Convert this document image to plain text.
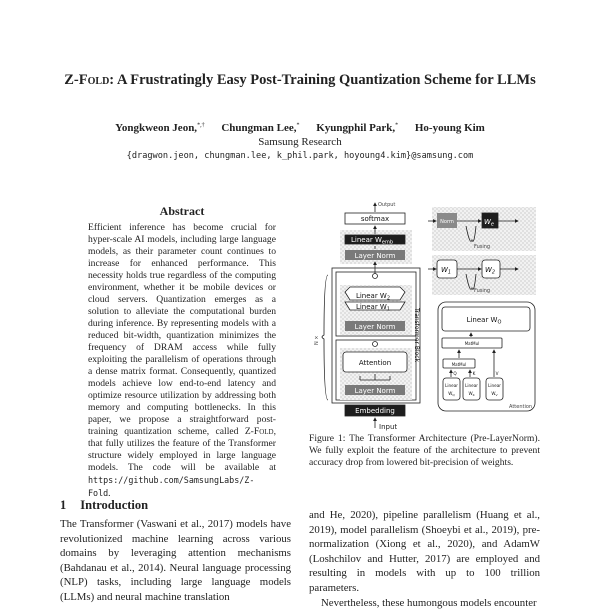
Z-Fold: A Frustratingly Easy Post-Training Quantization Scheme for LLMs
Yongkweon Jeon,*,† Chungman Lee,* Kyungphil Park,* Ho-young Kim
Samsung Research
{dragwon.jeon, chungman.lee, k_phil.park, hoyoung4.kim}@samsung.com
Abstract
Efficient inference has become crucial for hyper-scale AI models, including large language models, as their parameter count continues to increase for enhanced performance. This necessity holds true regardless of the computing environment, whether it be mobile devices or cloud servers. Quantization emerges as a solution to alleviate the computational burden during inference. By representing models with a reduced bit-width, quantization minimizes the frequency of DRAM access while fully exploiting the parallelism of operations through a dense matrix format. Consequently, quantized models achieve low end-to-end latency and optimize resource utilization by addressing both memory and computing bottlenecks. In this paper, we propose a straightforward post-training quantization scheme, called Z-Fold, that fully utilizes the feature of the Transformer structure widely employed in large language models. The code will be available at https://github.com/SamsungLabs/Z-Fold.
1 Introduction
The Transformer (Vaswani et al., 2017) models have revolutionized machine learning across various domains by leveraging attention mechanisms (Bahdanau et al., 2014). Neural language processing (NLP) tasks, including large language models (LLMs) and neural machine translation
Output
Input
Fusing
Fusing
Attention
N ×
softmax
Linear $W_{emb}$
Layer Norm
Linear $W_2$
Linear $W_1$
Layer Norm
Attention
Layer Norm
Embedding
Transformer Block
Norm	$W_e$
$W_1$	$W_2$
Linear $W_O$
MatMul
MatMul
Linear
$W_Q$
Linear
$W_K$
Linear
$W_V$
Q	K	V
Figure 1: The Transformer Architecture (Pre-LayerNorm). We fully exploit the feature of the architecture to prevent accuracy drop from lowered bit-precision of weights.

and He, 2020), pipeline parallelism (Huang et al., 2019), model parallelism (Shoeybi et al., 2019), pre-normalization (Xiong et al., 2020), and AdamW (Loshchilov and Hutter, 2017) are employed and resulting in models with up to 100 trillion parameters.

Nevertheless, these humongous models encounter
